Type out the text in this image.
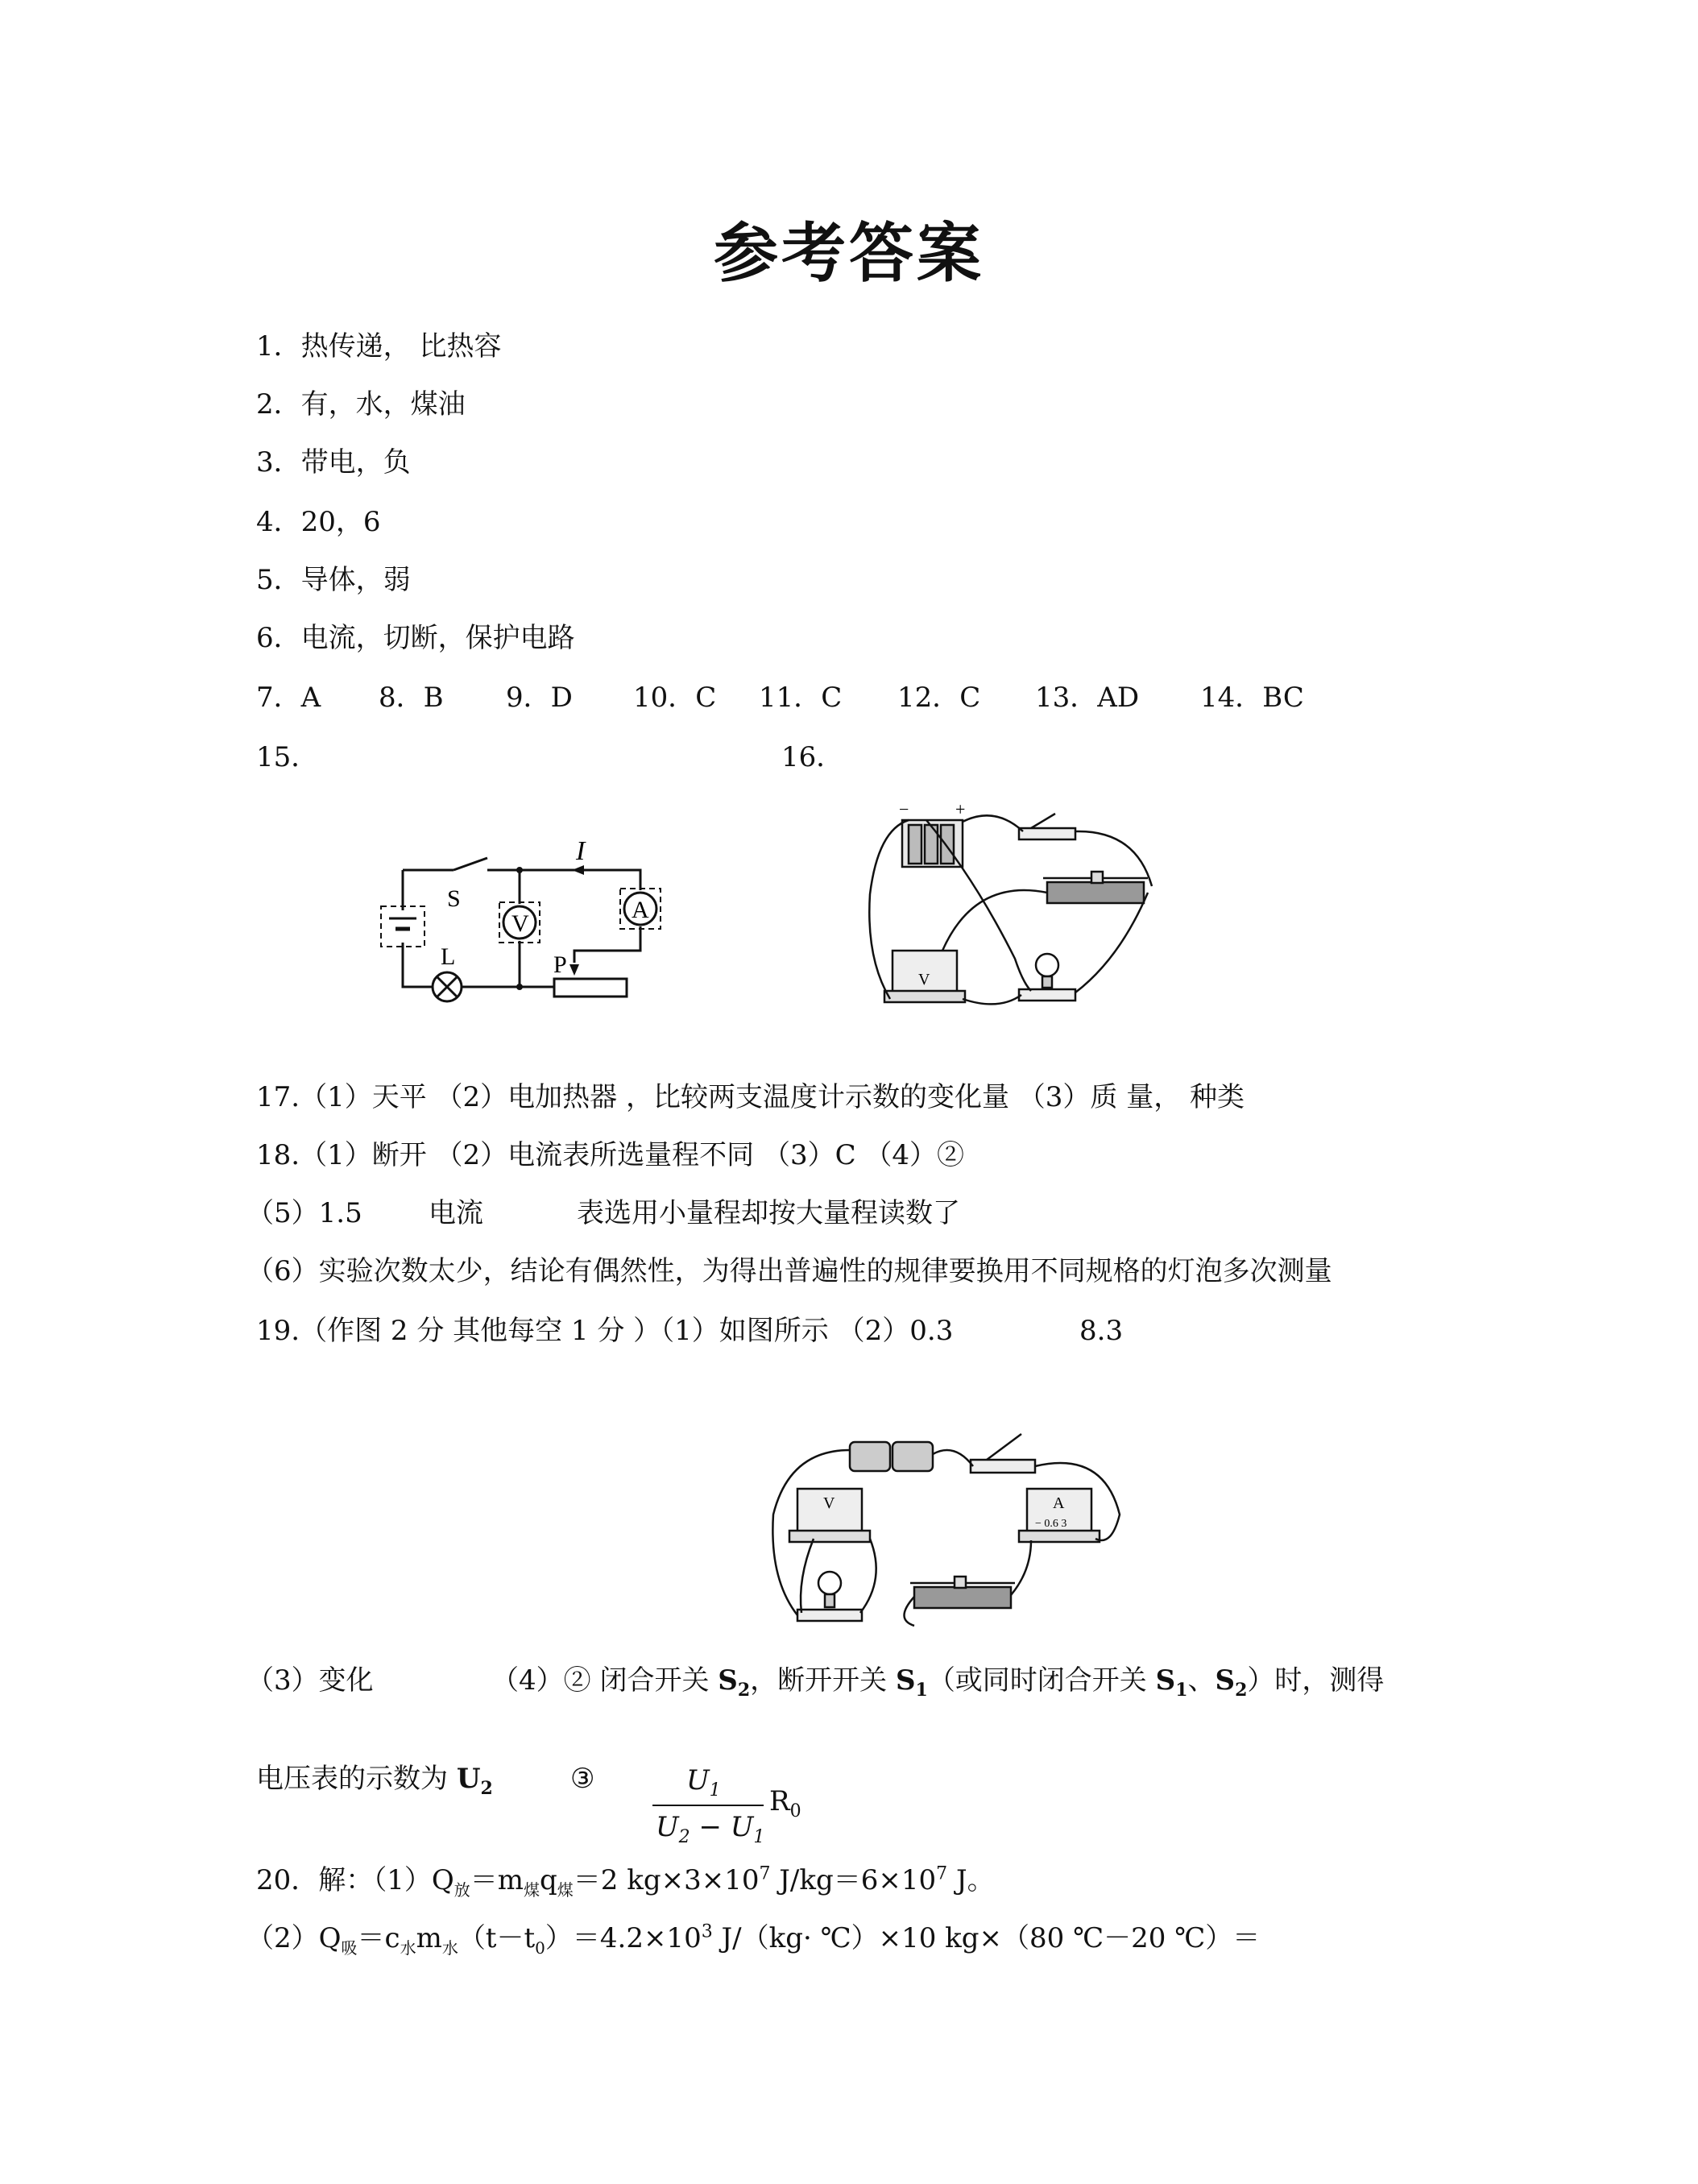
参考答案
1．热传递， 比热容
2．有，水，煤油
3．带电，负
4．20，6
5．导体，弱
6．电流，切断，保护电路
7．A 8．B 9．D 10．C 11．C 12．C 13．AD 14．BC
15．	16．
I
S
L	P
V
A
−	+
V
17.（1）天平 （2）电加热器 ，比较两支温度计示数的变化量 （3）质 量， 种类
18.（1）断开 （2）电流表所选量程不同 （3）C （4）②
（5）1.5 电流	表选用小量程却按大量程读数了
（6）实验次数太少，结论有偶然性，为得出普遍性的规律要换用不同规格的灯泡多次测量
19.（作图 2 分 其他每空 1 分 ）（1）如图所示 （2）0.3	8.3
V	A
− 0.6 3
（3）变化	（4）② 闭合开关 $S_2$，断开开关 $S_1$（或同时闭合开关 $S_1$、$S_2$）时，测得
电压表的示数为 $U_2$	③	$U_1$
$U_2 - U_1$
$R_0$
20．解：$(1)Q_放=m_煤q_煤=2$ $kg\times 3\times 10^7$ $J/kg=6\times 10^7$ J。
$(2)Q_吸=c_水m_水(t-t_0)=4.2\times 10^3$ J/（kg· ℃）×10 kg×（80 ℃－20 ℃）＝
